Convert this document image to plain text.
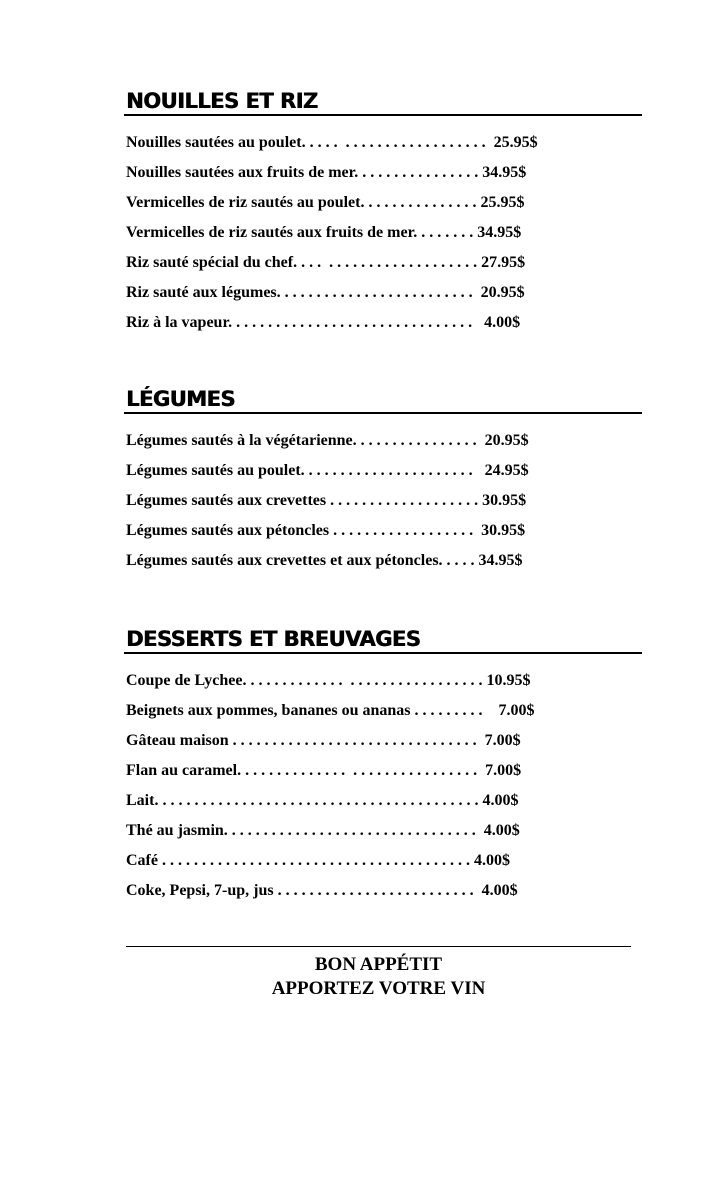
NOUILLES ET RIZ
Nouilles sautées au poulet. . . . .  . . . . . . . . . . . . . . . . . .  25.95$
Nouilles sautées aux fruits de mer. . . . . . . . . . . . . . . . 34.95$
Vermicelles de riz sautés au poulet. . . . . . . . . . . . . . . 25.95$
Vermicelles de riz sautés aux fruits de mer. . . . . . . . 34.95$
Riz sauté spécial du chef. . . .  . . . . . . . . . . . . . . . . . . . 27.95$
Riz sauté aux légumes. . . . . . . . . . . . . . . . . . . . . . . . .  20.95$
Riz à la vapeur. . . . . . . . . . . . . . . . . . . . . . . . . . . . . . .   4.00$
LÉGUMES
Légumes sautés à la végétarienne. . . . . . . . . . . . . . . .  20.95$
Légumes sautés au poulet. . . . . . . . . . . . . . . . . . . . . .   24.95$
Légumes sautés aux crevettes . . . . . . . . . . . . . . . . . . . 30.95$
Légumes sautés aux pétoncles . . . . . . . . . . . . . . . . . .  30.95$
Légumes sautés aux crevettes et aux pétoncles. . . . . 34.95$
DESSERTS ET BREUVAGES
Coupe de Lychee. . . . . . . . . . . . .  . . . . . . . . . . . . . . . . . 10.95$
Beignets aux pommes, bananes ou ananas . . . . . . . . .    7.00$
Gâteau maison . . . . . . . . . . . . . . . . . . . . . . . . . . . . . . .  7.00$
Flan au caramel. . . . . . . . . . . . . .  . . . . . . . . . . . . . . . .  7.00$
Lait. . . . . . . . . . . . . . . . . . . . . . . . . . . . . . . . . . . . . . . . . 4.00$
Thé au jasmin. . . . . . . . . . . . . . . . . . . . . . . . . . . . . . . .  4.00$
Café . . . . . . . . . . . . . . . . . . . . . . . . . . . . . . . . . . . . . . . 4.00$
Coke, Pepsi, 7-up, jus . . . . . . . . . . . . . . . . . . . . . . . . .  4.00$
BON APPÉTIT
APPORTEZ VOTRE VIN
